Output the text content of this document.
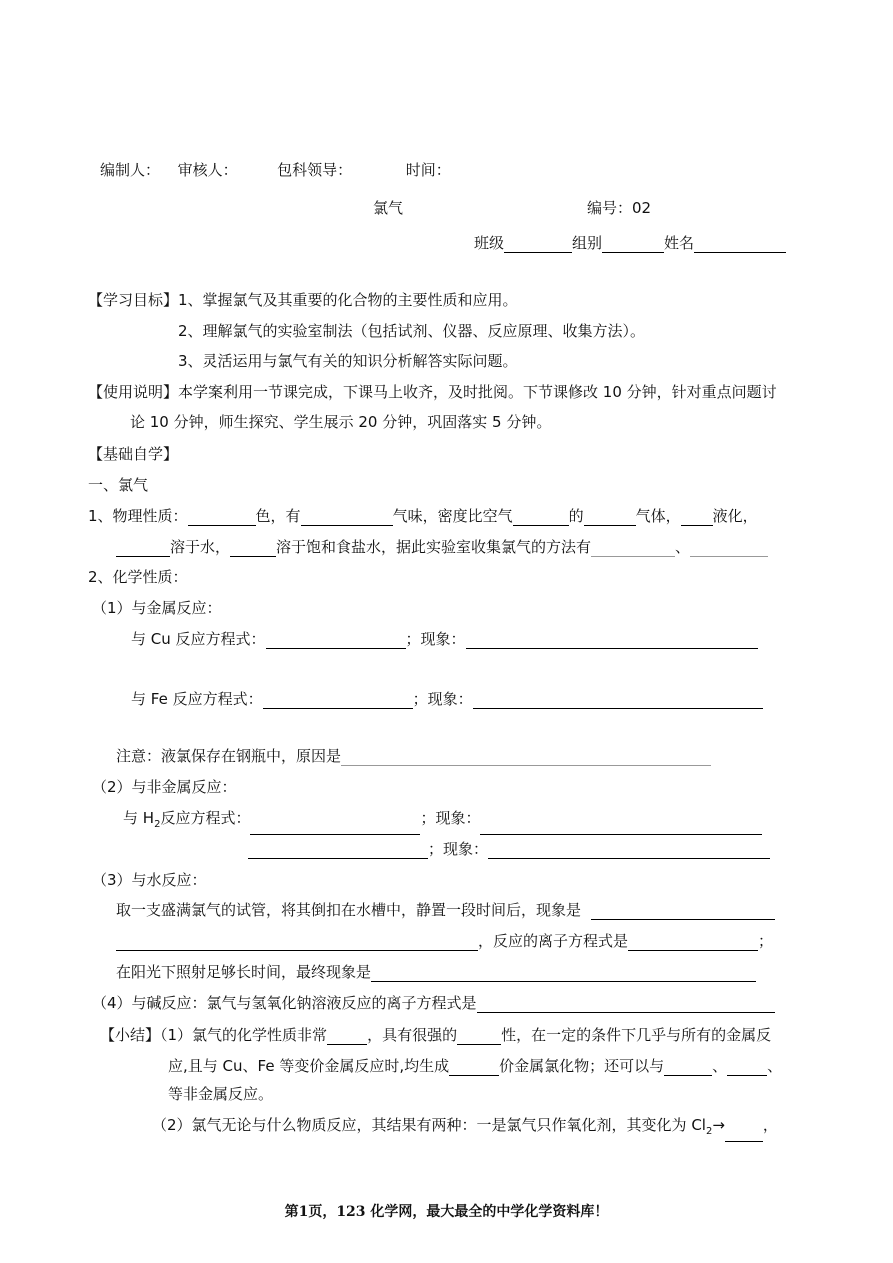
编制人： 审核人：	包科领导：	时间：
氯气	编号：02
班级	组别	姓名
【学习目标】1、掌握氯气及其重要的化合物的主要性质和应用。
2、理解氯气的实验室制法（包括试剂、仪器、反应原理、收集方法）。
3、灵活运用与氯气有关的知识分析解答实际问题。
【使用说明】本学案利用一节课完成，下课马上收齐，及时批阅。下节课修改 10 分钟，针对重点问题讨
论 10 分钟，师生探究、学生展示 20 分钟，巩固落实 5 分钟。
【基础自学】
一、氯气
1、物理性质：	色，有	气味，密度比空气	的	气体， 液化，
溶于水，	溶于饱和食盐水，据此实验室收集氯气的方法有	、
2、化学性质：
（1）与金属反应：
与 Cu 反应方程式：	；现象：
与 Fe 反应方程式：	；现象：
注意：液氯保存在钢瓶中，原因是
（2）与非金属反应：
与 $H_2$反应方程式：	；现象：
；现象：
（3）与水反应：
取一支盛满氯气的试管，将其倒扣在水槽中，静置一段时间后，现象是
，反应的离子方程式是	；
在阳光下照射足够长时间，最终现象是
（4）与碱反应：氯气与氢氧化钠溶液反应的离子方程式是
【小结】（1）氯气的化学性质非常	，具有很强的	性，在一定的条件下几乎与所有的金属反
应,且与 Cu、Fe 等变价金属反应时,均生成	价金属氯化物；还可以与	、	、
等非金属反应。
（2）氯气无论与什么物质反应，其结果有两种：一是氯气只作氧化剂，其变化为 $Cl_2\to$	，
第1页，123 化学网，最大最全的中学化学资料库！
